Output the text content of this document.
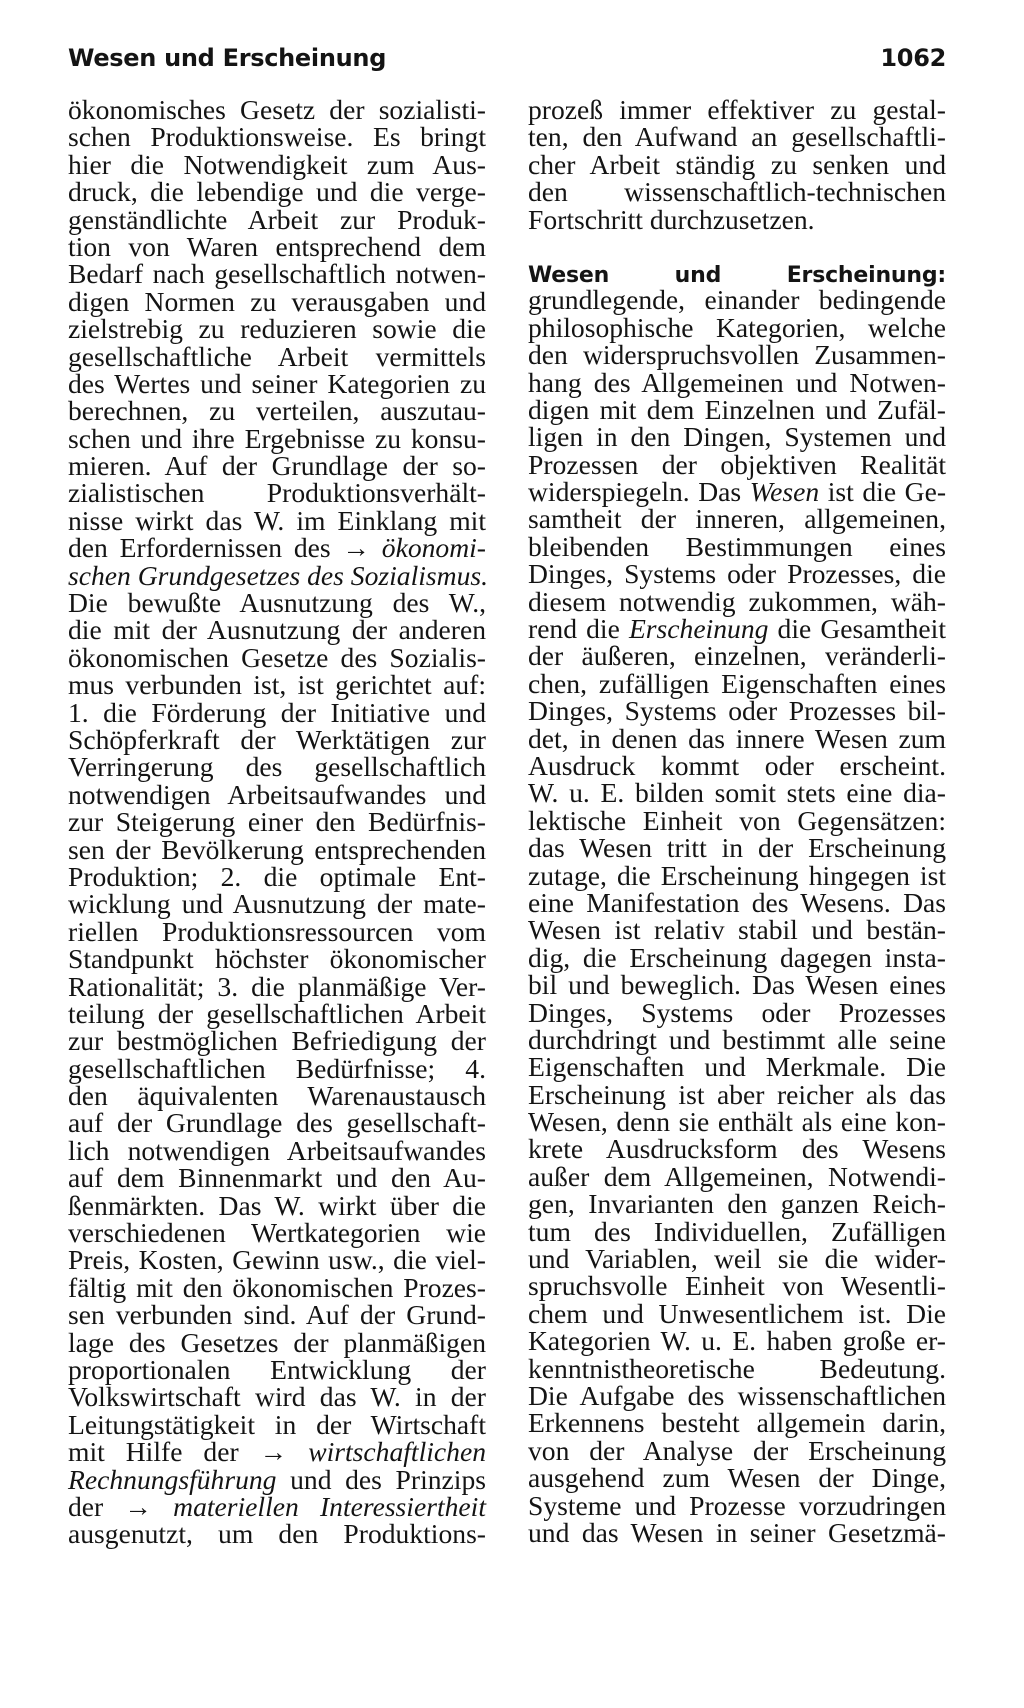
Wesen und Erscheinung	1062
ökonomisches Gesetz der sozialisti-
schen Produktionsweise. Es bringt
hier die Notwendigkeit zum Aus-
druck, die lebendige und die verge-
genständlichte Arbeit zur Produk-
tion von Waren entsprechend dem
Bedarf nach gesellschaftlich notwen-
digen Normen zu verausgaben und
zielstrebig zu reduzieren sowie die
gesellschaftliche Arbeit vermittels
des Wertes und seiner Kategorien zu
berechnen, zu verteilen, auszutau-
schen und ihre Ergebnisse zu konsu-
mieren. Auf der Grundlage der so-
zialistischen Produktionsverhält-
nisse wirkt das W. im Einklang mit
den Erfordernissen des → ökonomi-
schen Grundgesetzes des Sozialismus.
Die bewußte Ausnutzung des W.,
die mit der Ausnutzung der anderen
ökonomischen Gesetze des Sozialis-
mus verbunden ist, ist gerichtet auf:
1. die Förderung der Initiative und
Schöpferkraft der Werktätigen zur
Verringerung des gesellschaftlich
notwendigen Arbeitsaufwandes und
zur Steigerung einer den Bedürfnis-
sen der Bevölkerung entsprechenden
Produktion; 2. die optimale Ent-
wicklung und Ausnutzung der mate-
riellen Produktionsressourcen vom
Standpunkt höchster ökonomischer
Rationalität; 3. die planmäßige Ver-
teilung der gesellschaftlichen Arbeit
zur bestmöglichen Befriedigung der
gesellschaftlichen Bedürfnisse; 4.
den äquivalenten Warenaustausch
auf der Grundlage des gesellschaft-
lich notwendigen Arbeitsaufwandes
auf dem Binnenmarkt und den Au-
ßenmärkten. Das W. wirkt über die
verschiedenen Wertkategorien wie
Preis, Kosten, Gewinn usw., die viel-
fältig mit den ökonomischen Prozes-
sen verbunden sind. Auf der Grund-
lage des Gesetzes der planmäßigen
proportionalen Entwicklung der
Volkswirtschaft wird das W. in der
Leitungstätigkeit in der Wirtschaft
mit Hilfe der → wirtschaftlichen
Rechnungsführung und des Prinzips
der → materiellen Interessiertheit
ausgenutzt, um den Produktions-
prozeß immer effektiver zu gestal-
ten, den Aufwand an gesellschaftli-
cher Arbeit ständig zu senken und
den wissenschaftlich-technischen
Fortschritt durchzusetzen.
Wesen und Erscheinung:
grundlegende, einander bedingende
philosophische Kategorien, welche
den widerspruchsvollen Zusammen-
hang des Allgemeinen und Notwen-
digen mit dem Einzelnen und Zufäl-
ligen in den Dingen, Systemen und
Prozessen der objektiven Realität
widerspiegeln. Das Wesen ist die Ge-
samtheit der inneren, allgemeinen,
bleibenden Bestimmungen eines
Dinges, Systems oder Prozesses, die
diesem notwendig zukommen, wäh-
rend die Erscheinung die Gesamtheit
der äußeren, einzelnen, veränderli-
chen, zufälligen Eigenschaften eines
Dinges, Systems oder Prozesses bil-
det, in denen das innere Wesen zum
Ausdruck kommt oder erscheint.
W. u. E. bilden somit stets eine dia-
lektische Einheit von Gegensätzen:
das Wesen tritt in der Erscheinung
zutage, die Erscheinung hingegen ist
eine Manifestation des Wesens. Das
Wesen ist relativ stabil und bestän-
dig, die Erscheinung dagegen insta-
bil und beweglich. Das Wesen eines
Dinges, Systems oder Prozesses
durchdringt und bestimmt alle seine
Eigenschaften und Merkmale. Die
Erscheinung ist aber reicher als das
Wesen, denn sie enthält als eine kon-
krete Ausdrucksform des Wesens
außer dem Allgemeinen, Notwendi-
gen, Invarianten den ganzen Reich-
tum des Individuellen, Zufälligen
und Variablen, weil sie die wider-
spruchsvolle Einheit von Wesentli-
chem und Unwesentlichem ist. Die
Kategorien W. u. E. haben große er-
kenntnistheoretische Bedeutung.
Die Aufgabe des wissenschaftlichen
Erkennens besteht allgemein darin,
von der Analyse der Erscheinung
ausgehend zum Wesen der Dinge,
Systeme und Prozesse vorzudringen
und das Wesen in seiner Gesetzmä-
